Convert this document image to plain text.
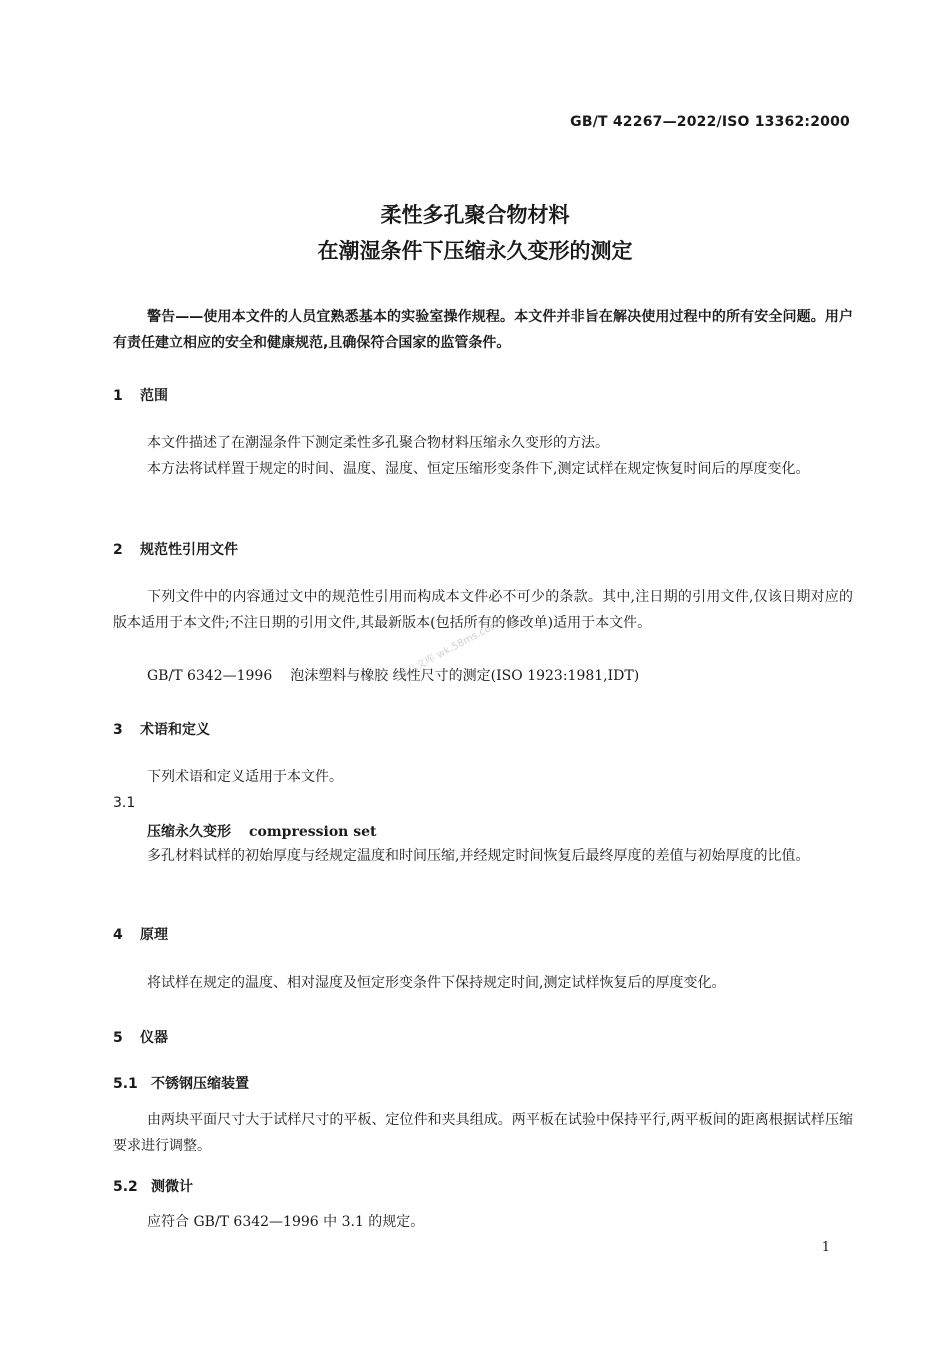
GB/T 42267—2022/ISO 13362:2000
柔性多孔聚合物材料
在潮湿条件下压缩永久变形的测定

警告——使用本文件的人员宜熟悉基本的实验室操作规程。本文件并非旨在解决使用过程中的所有安全问题。用户有责任建立相应的安全和健康规范,且确保符合国家的监管条件。

1 范围

本文件描述了在潮湿条件下测定柔性多孔聚合物材料压缩永久变形的方法。

本方法将试样置于规定的时间、温度、湿度、恒定压缩形变条件下,测定试样在规定恢复时间后的厚度变化。

2 规范性引用文件

下列文件中的内容通过文中的规范性引用而构成本文件必不可少的条款。其中,注日期的引用文件,仅该日期对应的版本适用于本文件;不注日期的引用文件,其最新版本(包括所有的修改单)适用于本文件。

GB/T 6342—1996 泡沫塑料与橡胶 线性尺寸的测定(ISO 1923:1981,IDT)
五八文库 wk.58ms.com
3 术语和定义

下列术语和定义适用于本文件。

3.1
压缩永久变形 compression set

多孔材料试样的初始厚度与经规定温度和时间压缩,并经规定时间恢复后最终厚度的差值与初始厚度的比值。

4 原理

将试样在规定的温度、相对湿度及恒定形变条件下保持规定时间,测定试样恢复后的厚度变化。

5 仪器
5.1 不锈钢压缩装置

由两块平面尺寸大于试样尺寸的平板、定位件和夹具组成。两平板在试验中保持平行,两平板间的距离根据试样压缩要求进行调整。

5.2 测微计

应符合 GB/T 6342—1996 中 3.1 的规定。

1
